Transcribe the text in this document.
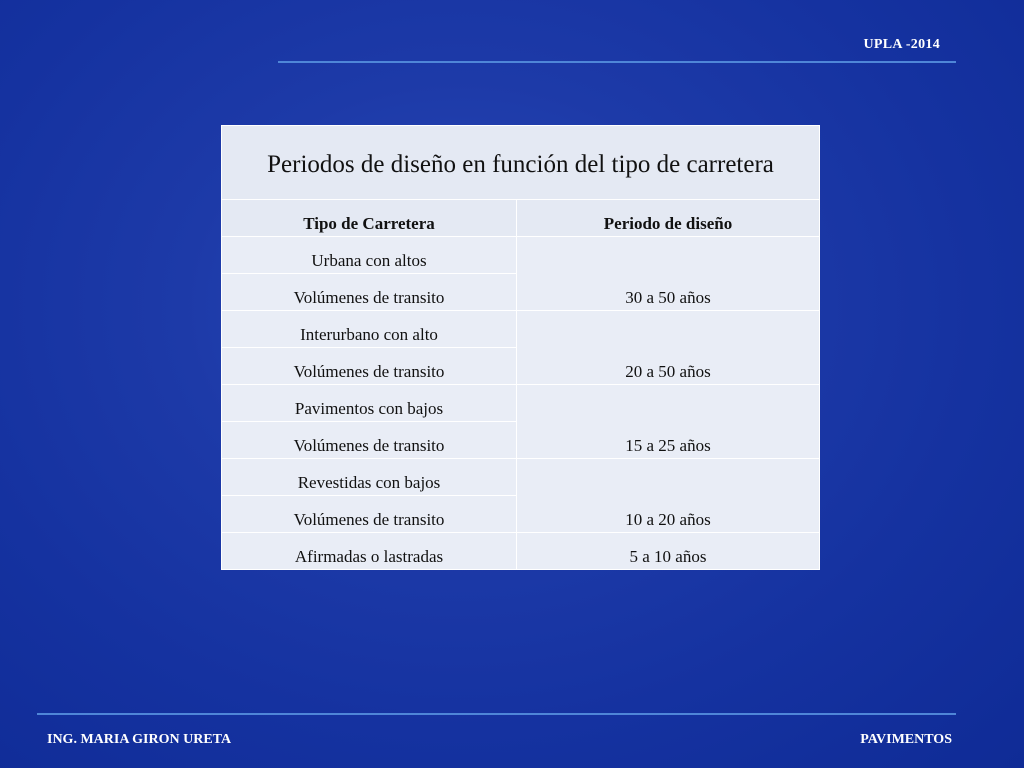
UPLA -2014
Periodos de diseño en función del tipo de carretera	
Tipo de Carretera	Periodo de diseño
Urbana con altos	30 a 50 años
Volúmenes de transito	
Interurbano con alto	20 a 50 años
Volúmenes de transito	
Pavimentos con bajos	15 a 25 años
Volúmenes de transito	
Revestidas con bajos	10 a 20 años
Volúmenes de transito	
Afirmadas o lastradas	5 a 10 años
ING. MARIA GIRON URETA	PAVIMENTOS
